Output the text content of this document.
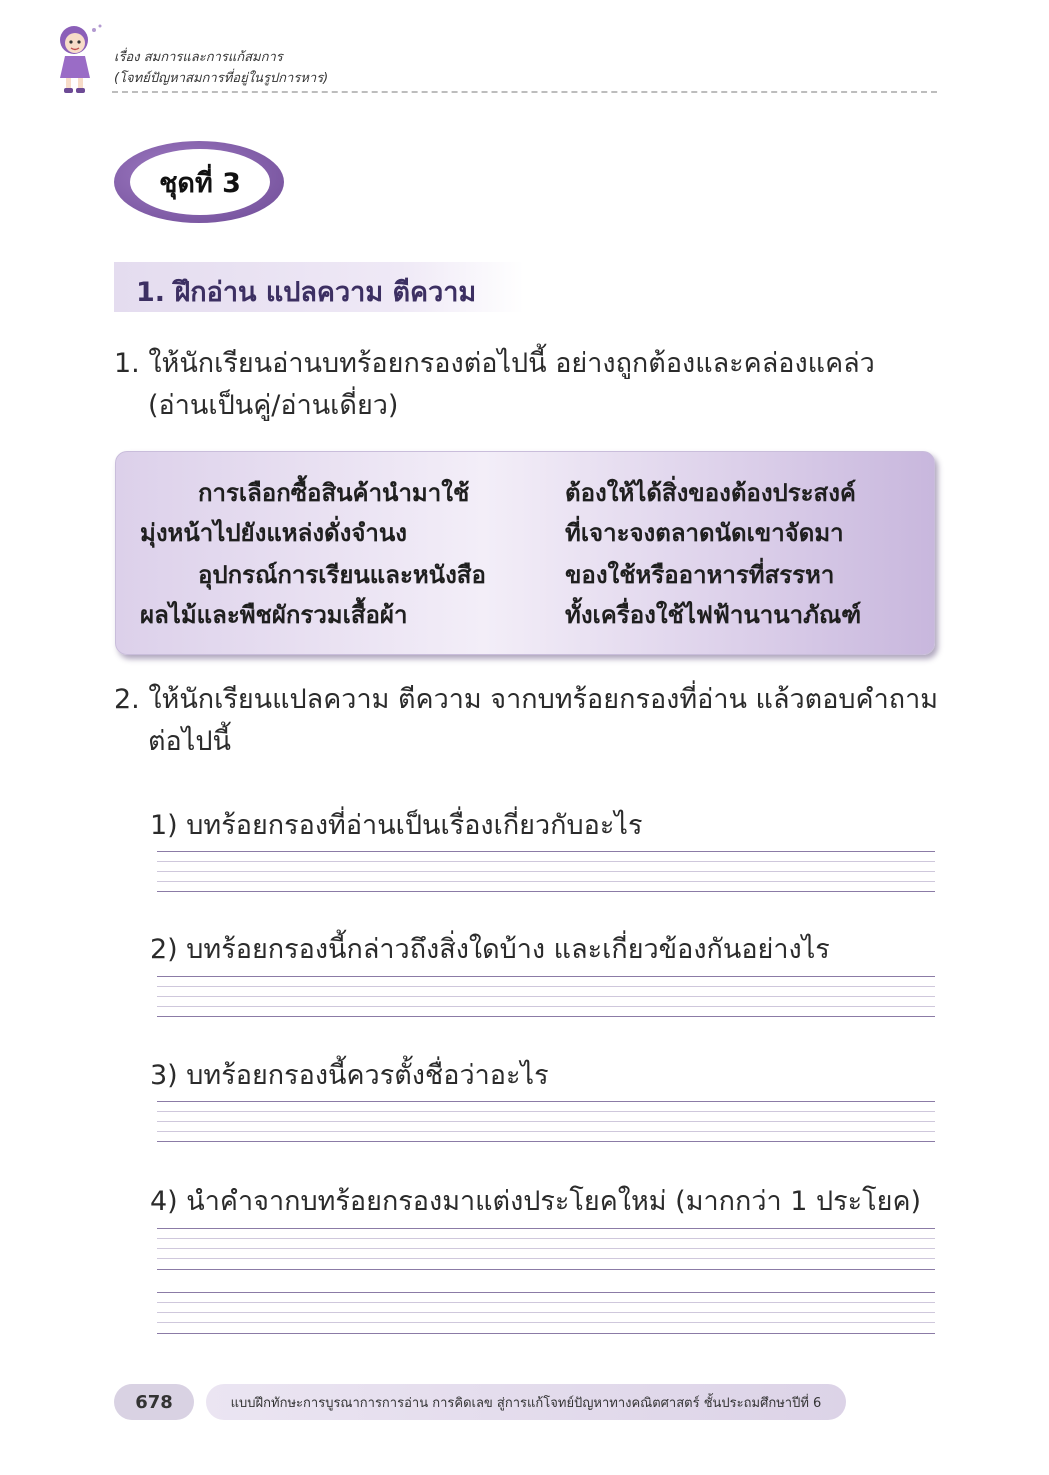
เรื่อง สมการและการแก้สมการ
(โจทย์ปัญหาสมการที่อยู่ในรูปการหาร)
ชุดที่ 3
1. ฝึกอ่าน แปลความ ตีความ
1. ให้นักเรียนอ่านบทร้อยกรองต่อไปนี้ อย่างถูกต้องและคล่องแคล่ว
(อ่านเป็นคู่/อ่านเดี่ยว)
การเลือกซื้อสินค้านำมาใช้
มุ่งหน้าไปยังแหล่งดั่งจำนง
อุปกรณ์การเรียนและหนังสือ
ผลไม้และพืชผักรวมเสื้อผ้า
ต้องให้ได้สิ่งของต้องประสงค์
ที่เจาะจงตลาดนัดเขาจัดมา
ของใช้หรืออาหารที่สรรหา
ทั้งเครื่องใช้ไฟฟ้านานาภัณฑ์
2. ให้นักเรียนแปลความ ตีความ จากบทร้อยกรองที่อ่าน แล้วตอบคำถาม
ต่อไปนี้
1) บทร้อยกรองที่อ่านเป็นเรื่องเกี่ยวกับอะไร
2) บทร้อยกรองนี้กล่าวถึงสิ่งใดบ้าง และเกี่ยวข้องกันอย่างไร
3) บทร้อยกรองนี้ควรตั้งชื่อว่าอะไร
4) นำคำจากบทร้อยกรองมาแต่งประโยคใหม่ (มากกว่า 1 ประโยค)
678	แบบฝึกทักษะการบูรณาการการอ่าน การคิดเลข สู่การแก้โจทย์ปัญหาทางคณิตศาสตร์ ชั้นประถมศึกษาปีที่ 6
